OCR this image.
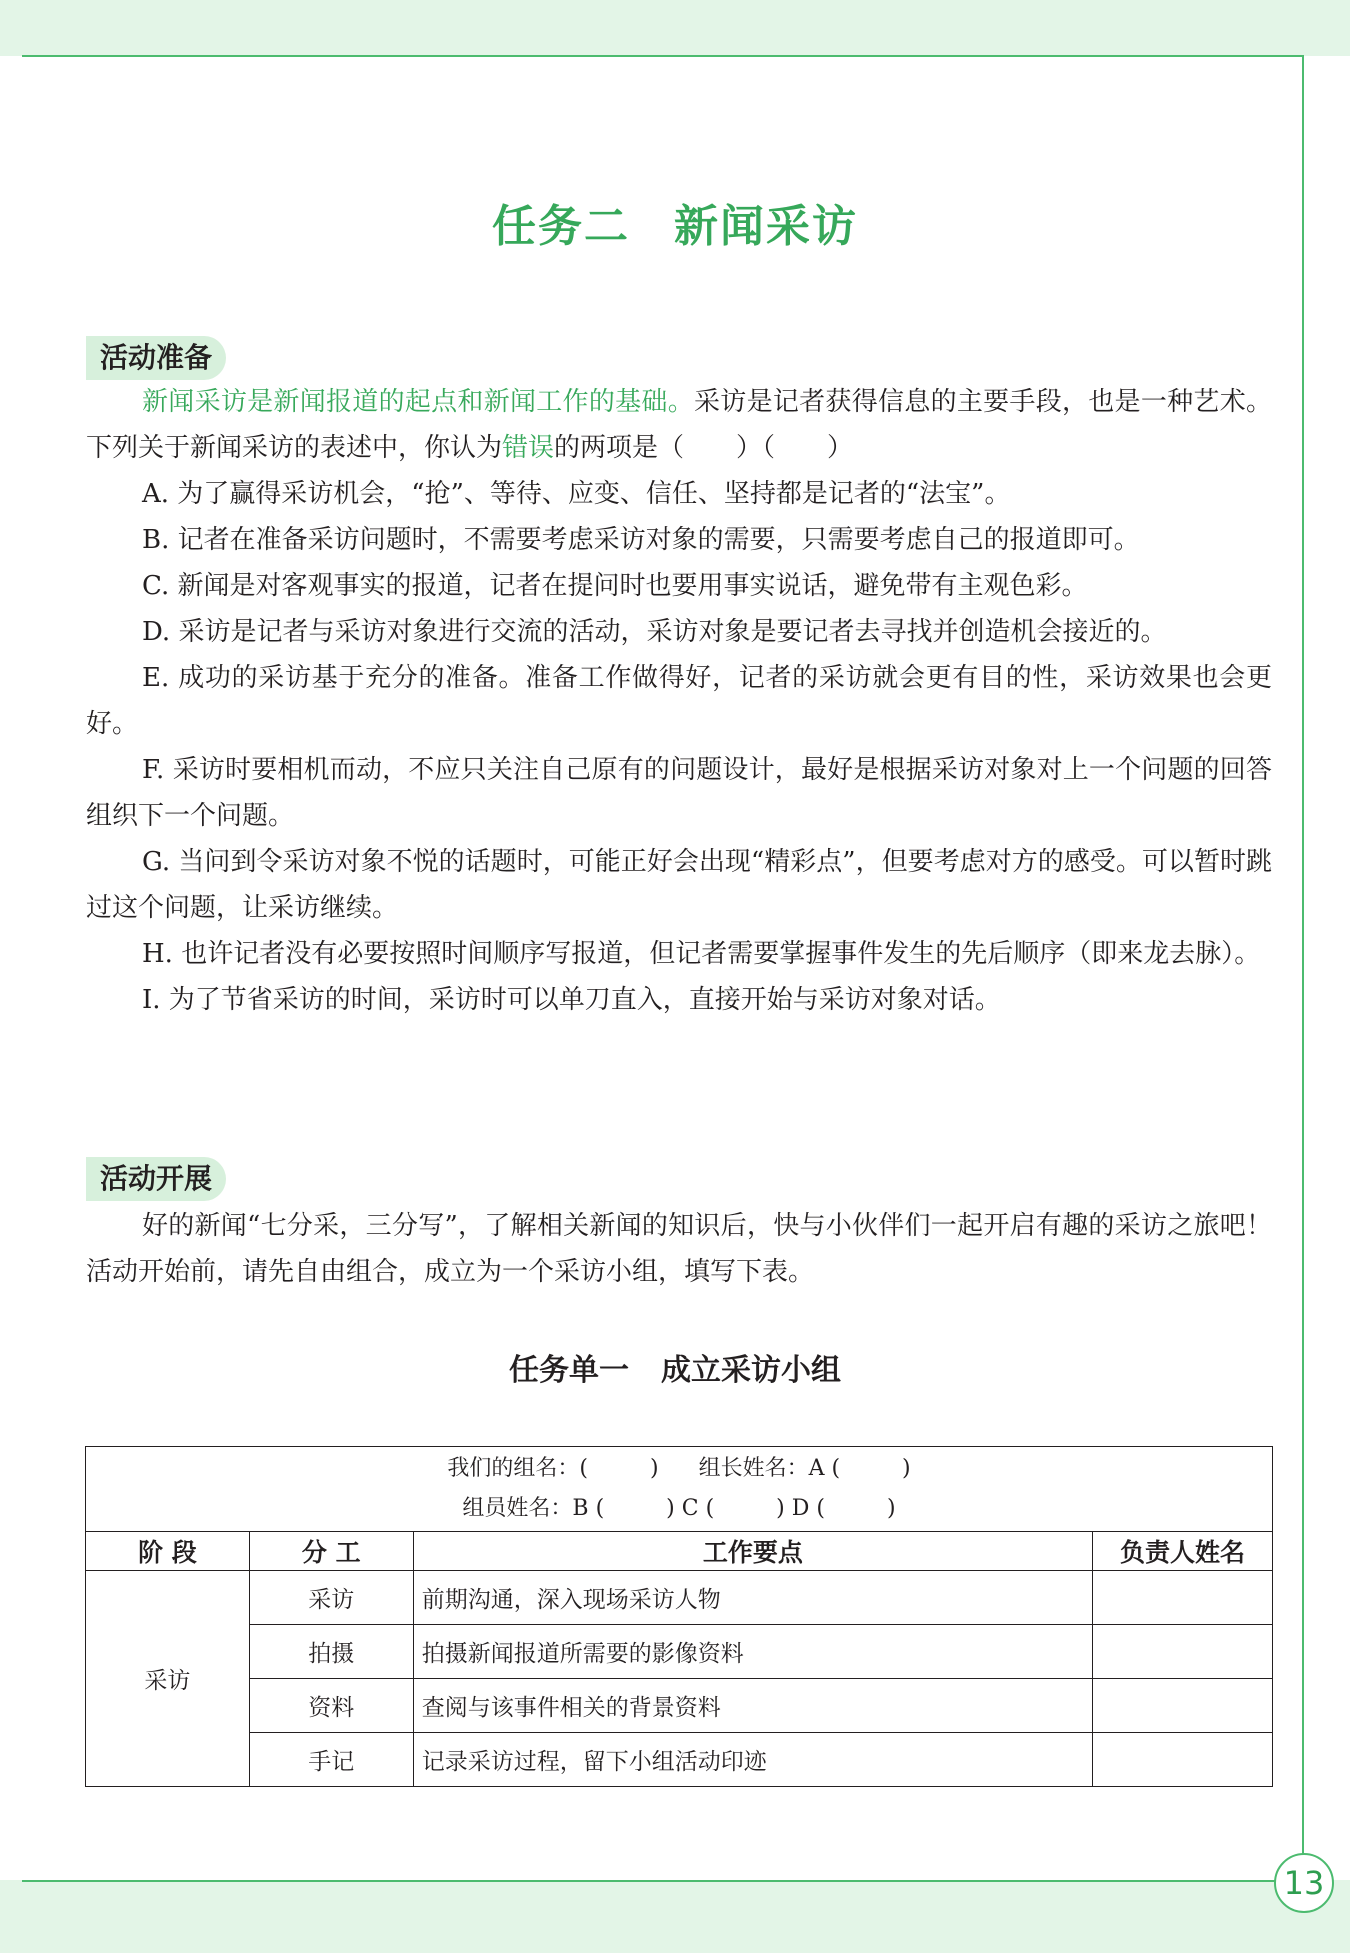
13
任务二 新闻采访
活动准备

新闻采访是新闻报道的起点和新闻工作的基础。采访是记者获得信息的主要手段，也是一种艺术。下列关于新闻采访的表述中，你认为错误的两项是（　　）（　　）

A. 为了赢得采访机会，“抢”、等待、应变、信任、坚持都是记者的“法宝”。

B. 记者在准备采访问题时，不需要考虑采访对象的需要，只需要考虑自己的报道即可。

C. 新闻是对客观事实的报道，记者在提问时也要用事实说话，避免带有主观色彩。

D. 采访是记者与采访对象进行交流的活动，采访对象是要记者去寻找并创造机会接近的。

E. 成功的采访基于充分的准备。准备工作做得好，记者的采访就会更有目的性，采访效果也会更好。

F. 采访时要相机而动，不应只关注自己原有的问题设计，最好是根据采访对象对上一个问题的回答组织下一个问题。

G. 当问到令采访对象不悦的话题时，可能正好会出现“精彩点”，但要考虑对方的感受。可以暂时跳过这个问题，让采访继续。

H. 也许记者没有必要按照时间顺序写报道，但记者需要掌握事件发生的先后顺序（即来龙去脉）。

I. 为了节省采访的时间，采访时可以单刀直入，直接开始与采访对象对话。

活动开展

好的新闻“七分采，三分写”，了解相关新闻的知识后，快与小伙伴们一起开启有趣的采访之旅吧！活动开始前，请先自由组合，成立为一个采访小组，填写下表。

任务单一 成立采访小组
我们的组名：( ) 组长姓名：A ( )
组员姓名：B ( ) C ( ) D ( )			

阶 段	分 工	工作要点	负责人姓名
采访	采访	前期沟通，深入现场采访人物	
	拍摄	拍摄新闻报道所需要的影像资料	
	资料	查阅与该事件相关的背景资料	
	手记	记录采访过程，留下小组活动印迹	
